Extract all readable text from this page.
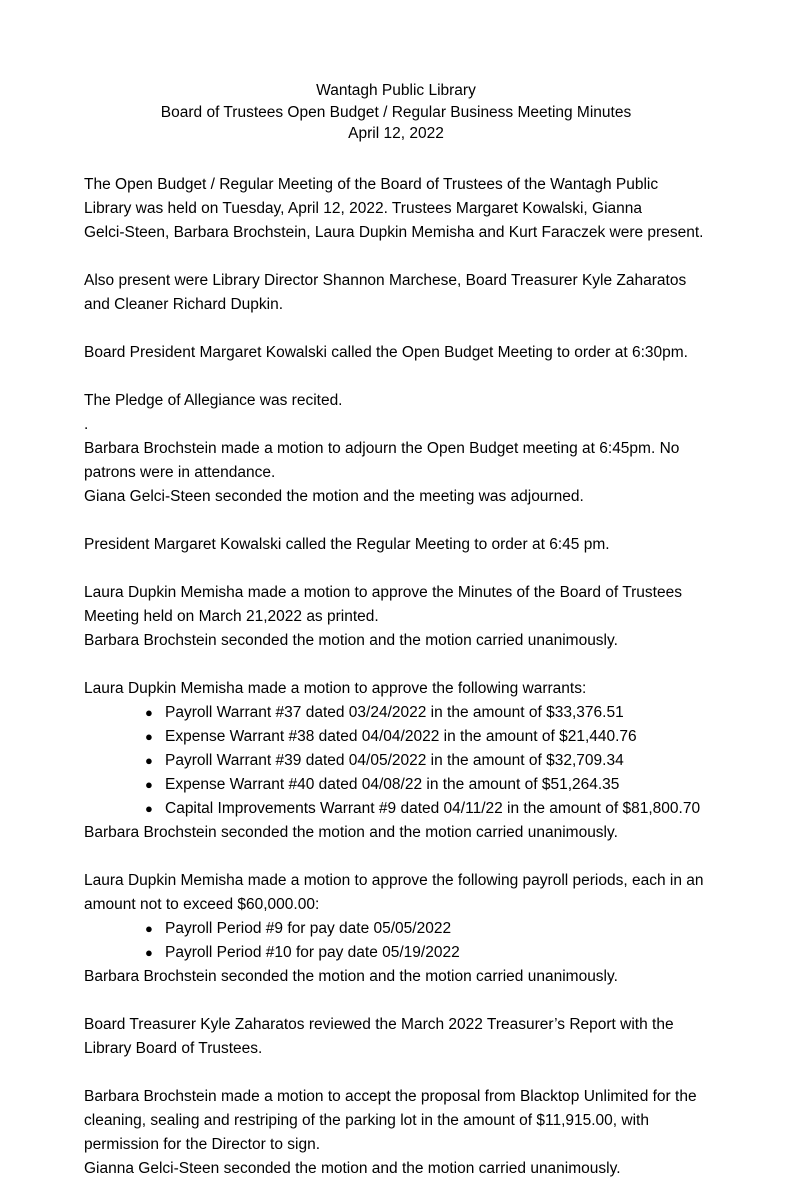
Wantagh Public Library
Board of Trustees Open Budget / Regular Business Meeting Minutes
April 12, 2022

The Open Budget / Regular Meeting of the Board of Trustees of the Wantagh Public
Library was held on Tuesday, April 12, 2022. Trustees Margaret Kowalski, Gianna
Gelci-Steen, Barbara Brochstein, Laura Dupkin Memisha and Kurt Faraczek were present.

Also present were Library Director Shannon Marchese, Board Treasurer Kyle Zaharatos
and Cleaner Richard Dupkin.

Board President Margaret Kowalski called the Open Budget Meeting to order at 6:30pm.

The Pledge of Allegiance was recited.

.

Barbara Brochstein made a motion to adjourn the Open Budget meeting at 6:45pm. No
patrons were in attendance.
Giana Gelci-Steen seconded the motion and the meeting was adjourned.

President Margaret Kowalski called the Regular Meeting to order at 6:45 pm.

Laura Dupkin Memisha made a motion to approve the Minutes of the Board of Trustees
Meeting held on March 21,2022 as printed.
Barbara Brochstein seconded the motion and the motion carried unanimously.

Laura Dupkin Memisha made a motion to approve the following warrants:

● Payroll Warrant #37 dated 03/24/2022 in the amount of $33,376.51
● Expense Warrant #38 dated 04/04/2022 in the amount of $21,440.76
● Payroll Warrant #39 dated 04/05/2022 in the amount of $32,709.34
● Expense Warrant #40 dated 04/08/22 in the amount of $51,264.35
● Capital Improvements Warrant #9 dated 04/11/22 in the amount of $81,800.70

Barbara Brochstein seconded the motion and the motion carried unanimously.

Laura Dupkin Memisha made a motion to approve the following payroll periods, each in an
amount not to exceed $60,000.00:

● Payroll Period #9 for pay date 05/05/2022
● Payroll Period #10 for pay date 05/19/2022

Barbara Brochstein seconded the motion and the motion carried unanimously.

Board Treasurer Kyle Zaharatos reviewed the March 2022 Treasurer’s Report with the
Library Board of Trustees.

Barbara Brochstein made a motion to accept the proposal from Blacktop Unlimited for the
cleaning, sealing and restriping of the parking lot in the amount of $11,915.00, with
permission for the Director to sign.
Gianna Gelci-Steen seconded the motion and the motion carried unanimously.
